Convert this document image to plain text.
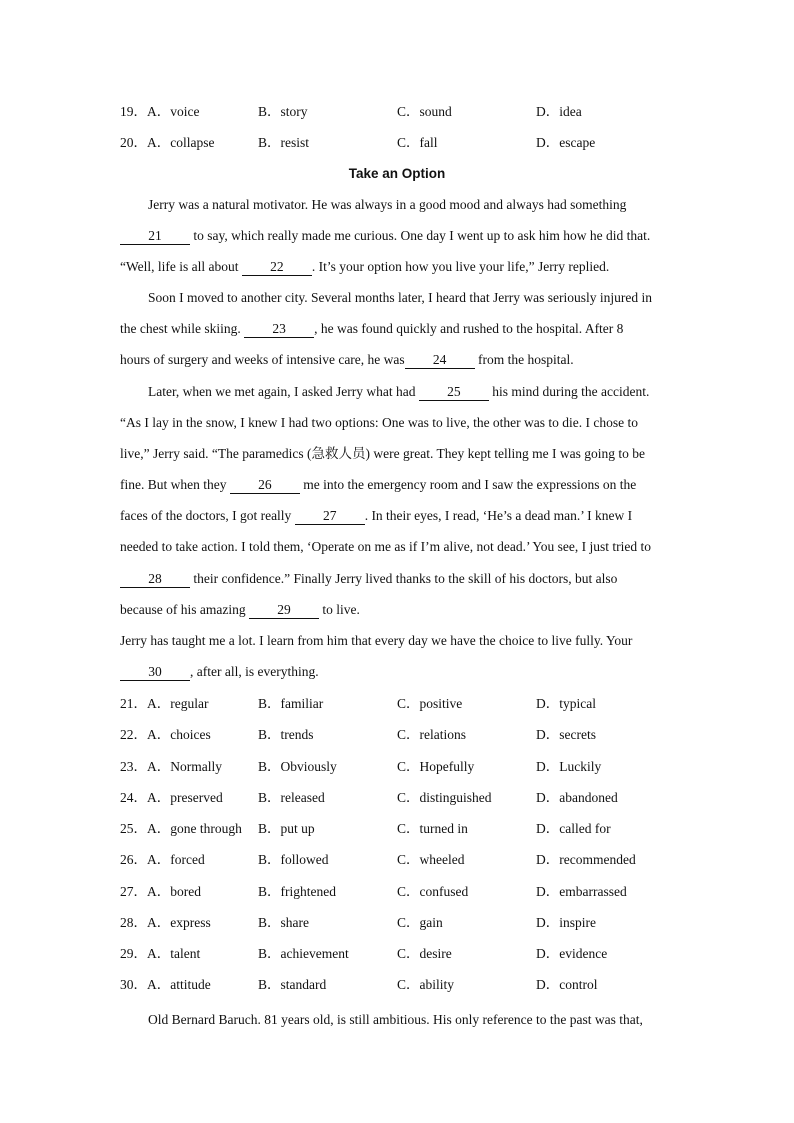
19．A．voice	B．story	C．sound	D．idea
20．A．collapse	B．resist	C．fall	D．escape
Take an Option
Jerry was a natural motivator. He was always in a good mood and always had something
21 to say, which really made me curious. One day I went up to ask him how he did that.
“Well, life is all about 22 . It’s your option how you live your life,” Jerry replied.
Soon I moved to another city. Several months later, I heard that Jerry was seriously injured in
the chest while skiing. 23 , he was found quickly and rushed to the hospital. After 8
hours of surgery and weeks of intensive care, he was 24 from the hospital.
Later, when we met again, I asked Jerry what had 25 his mind during the accident.
“As I lay in the snow, I knew I had two options: One was to live, the other was to die. I chose to
live,” Jerry said. “The paramedics (急救人员) were great. They kept telling me I was going to be
fine. But when they 26 me into the emergency room and I saw the expressions on the
faces of the doctors, I got really 27 . In their eyes, I read, ‘He’s a dead man.’ I knew I
needed to take action. I told them, ‘Operate on me as if I’m alive, not dead.’ You see, I just tried to
28 their confidence.” Finally Jerry lived thanks to the skill of his doctors, but also
because of his amazing 29 to live.
Jerry has taught me a lot. I learn from him that every day we have the choice to live fully. Your
30 , after all, is everything.
21．A．regular	B．familiar	C．positive	D．typical
22．A．choices	B．trends	C．relations	D．secrets
23．A．Normally	B．Obviously	C．Hopefully	D．Luckily
24．A．preserved	B．released	C．distinguished	D．abandoned
25．A．gone through B．put up	C．turned in	D．called for
26．A．forced	B．followed	C．wheeled	D．recommended
27．A．bored	B．frightened	C．confused	D．embarrassed
28．A．express	B．share	C．gain	D．inspire
29．A．talent	B．achievement	C．desire	D．evidence
30．A．attitude	B．standard	C．ability	D．control
Old Bernard Baruch. 81 years old, is still ambitious. His only reference to the past was that,
